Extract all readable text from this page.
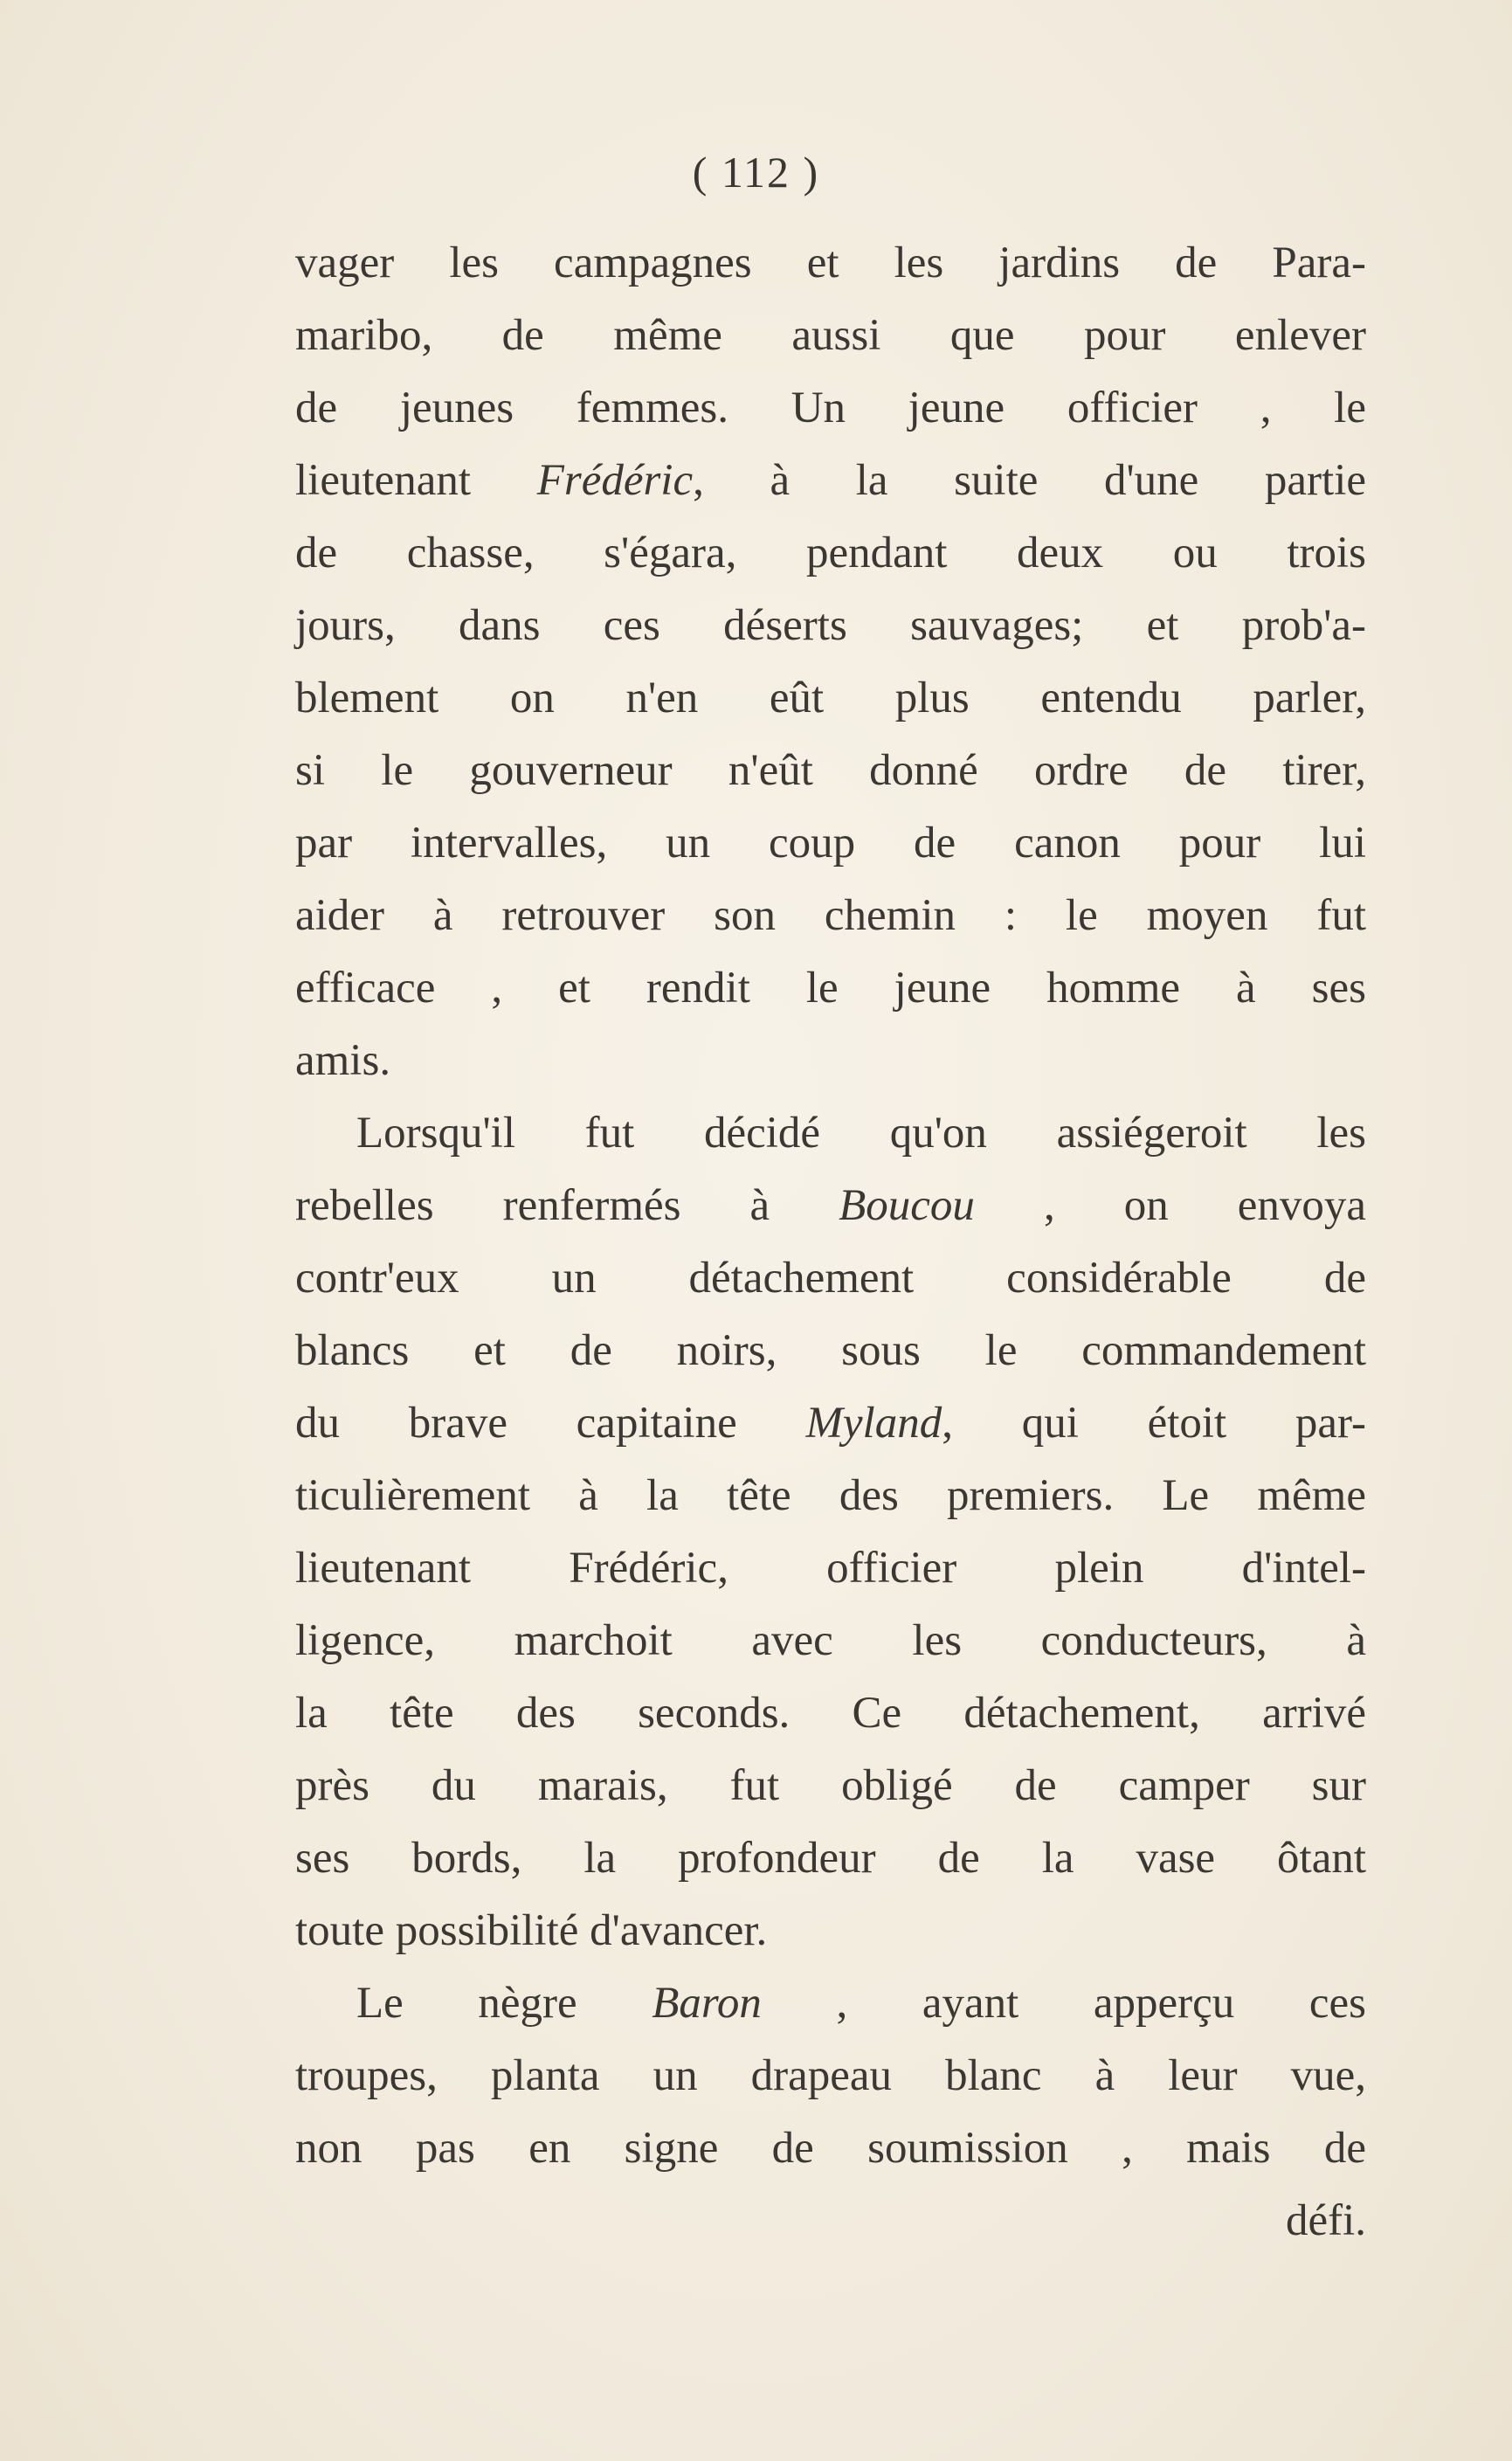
( 112 )
vager les campagnes et les jardins de Para-
maribo, de même aussi que pour enlever
de jeunes femmes. Un jeune officier , le
lieutenant Frédéric, à la suite d'une partie
de chasse, s'égara, pendant deux ou trois
jours, dans ces déserts sauvages; et prob'a-
blement on n'en eût plus entendu parler,
si le gouverneur n'eût donné ordre de tirer,
par intervalles, un coup de canon pour lui
aider à retrouver son chemin : le moyen fut
efficace , et rendit le jeune homme à ses
amis.
Lorsqu'il fut décidé qu'on assiégeroit les
rebelles renfermés à Boucou , on envoya
contr'eux un détachement considérable de
blancs et de noirs, sous le commandement
du brave capitaine Myland, qui étoit par-
ticulièrement à la tête des premiers. Le même
lieutenant Frédéric, officier plein d'intel-
ligence, marchoit avec les conducteurs, à
la tête des seconds. Ce détachement, arrivé
près du marais, fut obligé de camper sur
ses bords, la profondeur de la vase ôtant
toute possibilité d'avancer.
Le nègre Baron , ayant apperçu ces
troupes, planta un drapeau blanc à leur vue,
non pas en signe de soumission , mais de
défi.
